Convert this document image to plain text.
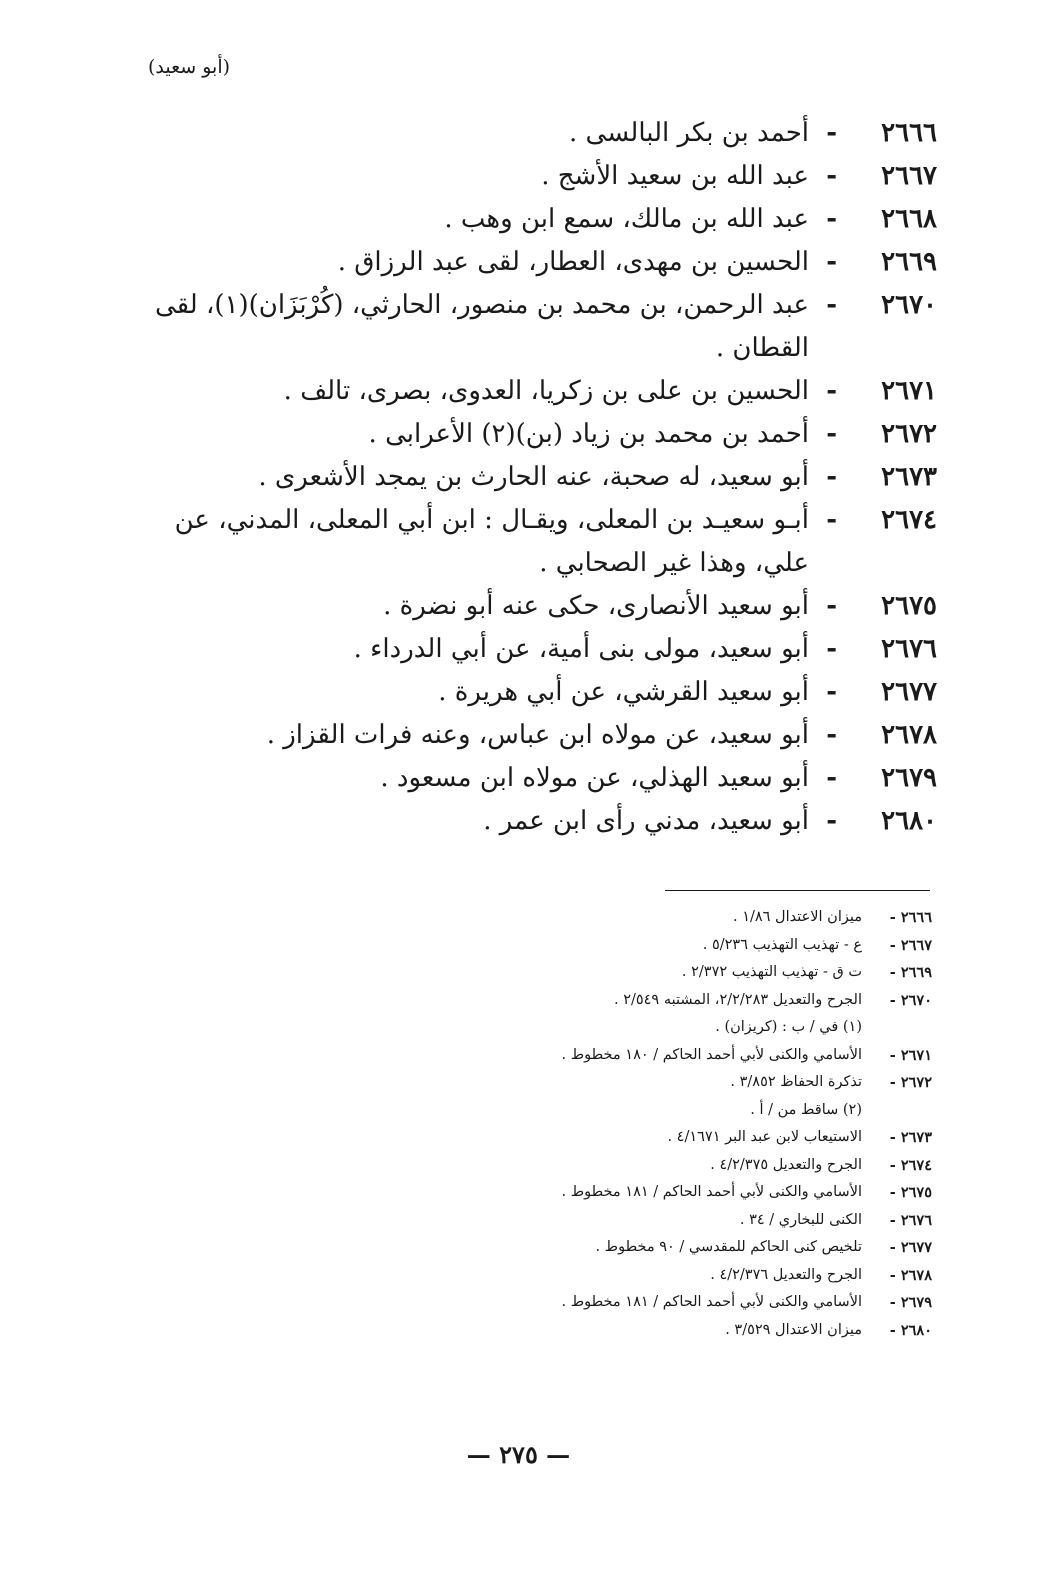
(أبو سعيد)
٢٦٦٦
-
أحمد بن بكر البالسى .
٢٦٦٧
-
عبد الله بن سعيد الأشج .
٢٦٦٨
-
عبد الله بن مالك، سمع ابن وهب .
٢٦٦٩
-
الحسين بن مهدى، العطار، لقى عبد الرزاق .
٢٦٧٠
-
عبد الرحمن، بن محمد بن منصور، الحارثي، (كُرْبَزَان)(١)، لقى القطان .
٢٦٧١
-
الحسين بن على بن زكريا، العدوى، بصرى، تالف .
٢٦٧٢
-
أحمد بن محمد بن زياد (بن)(٢) الأعرابى .
٢٦٧٣
-
أبو سعيد، له صحبة، عنه الحارث بن يمجد الأشعرى .
٢٦٧٤
-
أبـو سعيـد بن المعلى، ويقـال : ابن أبي المعلى، المدني، عن علي، وهذا غير الصحابي .
٢٦٧٥
-
أبو سعيد الأنصارى، حكى عنه أبو نضرة .
٢٦٧٦
-
أبو سعيد، مولى بنى أمية، عن أبي الدرداء .
٢٦٧٧
-
أبو سعيد القرشي، عن أبي هريرة .
٢٦٧٨
-
أبو سعيد، عن مولاه ابن عباس، وعنه فرات القزاز .
٢٦٧٩
-
أبو سعيد الهذلي، عن مولاه ابن مسعود .
٢٦٨٠
-
أبو سعيد، مدني رأى ابن عمر .
٢٦٦٦ -
ميزان الاعتدال ١/٨٦ .
٢٦٦٧ -
ع - تهذيب التهذيب ٥/٢٣٦ .
٢٦٦٩ -
ت ق - تهذيب التهذيب ٢/٣٧٢ .
٢٦٧٠ -
الجرح والتعديل ٢/٢/٢٨٣، المشتبه ٢/٥٤٩ .
(١) في / ب : (كريزان) .
٢٦٧١ -
الأسامي والكنى لأبي أحمد الحاكم / ١٨٠ مخطوط .
٢٦٧٢ -
تذكرة الحفاظ ٣/٨٥٢ .
(٢) ساقط من / أ .
٢٦٧٣ -
الاستيعاب لابن عبد البر ٤/١٦٧١ .
٢٦٧٤ -
الجرح والتعديل ٤/٢/٣٧٥ .
٢٦٧٥ -
الأسامي والكنى لأبي أحمد الحاكم / ١٨١ مخطوط .
٢٦٧٦ -
الكنى للبخاري / ٣٤ .
٢٦٧٧ -
تلخيص كنى الحاكم للمقدسي / ٩٠ مخطوط .
٢٦٧٨ -
الجرح والتعديل ٤/٢/٣٧٦ .
٢٦٧٩ -
الأسامي والكنى لأبي أحمد الحاكم / ١٨١ مخطوط .
٢٦٨٠ -
ميزان الاعتدال ٣/٥٢٩ .
— ٢٧٥ —
